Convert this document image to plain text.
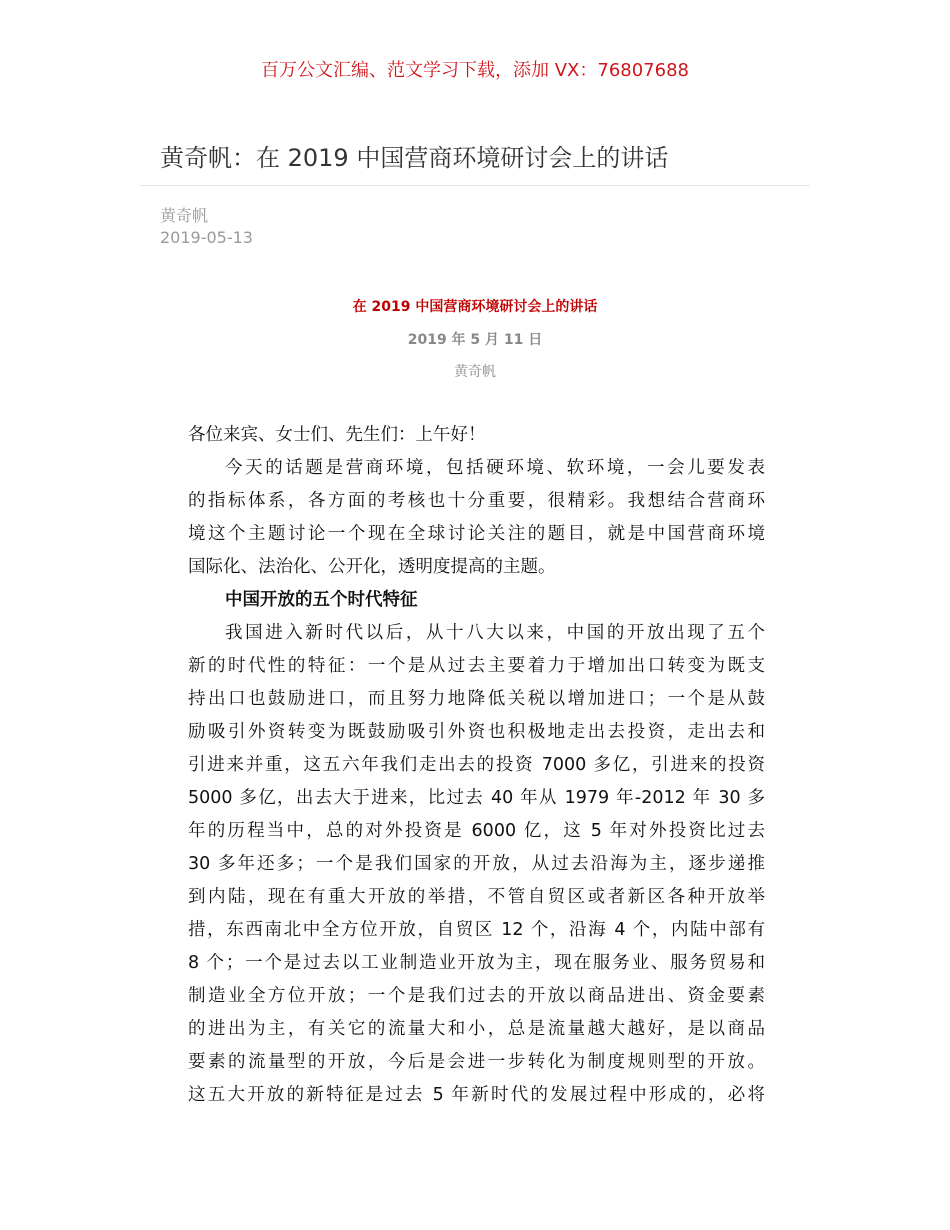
百万公文汇编、范文学习下载，添加 VX：76807688
黄奇帆：在 2019 中国营商环境研讨会上的讲话
黄奇帆
2019-05-13
在 2019 中国营商环境研讨会上的讲话
2019 年 5 月 11 日
黄奇帆
各位来宾、女士们、先生们：上午好！
今天的话题是营商环境，包括硬环境、软环境，一会儿要发表
的指标体系，各方面的考核也十分重要，很精彩。我想结合营商环
境这个主题讨论一个现在全球讨论关注的题目，就是中国营商环境
国际化、法治化、公开化，透明度提高的主题。
中国开放的五个时代特征
我国进入新时代以后，从十八大以来，中国的开放出现了五个
新的时代性的特征：一个是从过去主要着力于增加出口转变为既支
持出口也鼓励进口，而且努力地降低关税以增加进口；一个是从鼓
励吸引外资转变为既鼓励吸引外资也积极地走出去投资，走出去和
引进来并重，这五六年我们走出去的投资 7000 多亿，引进来的投资
5000 多亿，出去大于进来，比过去 40 年从 1979 年-2012 年 30 多
年的历程当中，总的对外投资是 6000 亿，这 5 年对外投资比过去
30 多年还多；一个是我们国家的开放，从过去沿海为主，逐步递推
到内陆，现在有重大开放的举措，不管自贸区或者新区各种开放举
措，东西南北中全方位开放，自贸区 12 个，沿海 4 个，内陆中部有
8 个；一个是过去以工业制造业开放为主，现在服务业、服务贸易和
制造业全方位开放；一个是我们过去的开放以商品进出、资金要素
的进出为主，有关它的流量大和小，总是流量越大越好，是以商品
要素的流量型的开放，今后是会进一步转化为制度规则型的开放。
这五大开放的新特征是过去 5 年新时代的发展过程中形成的，必将
